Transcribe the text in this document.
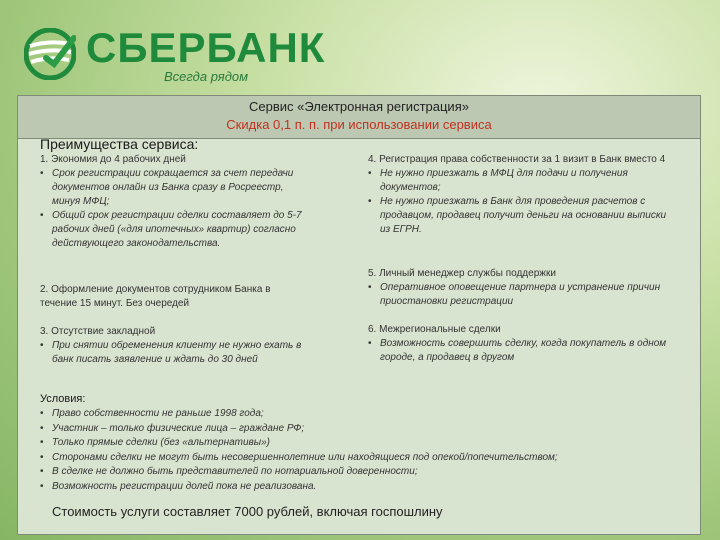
СБЕРБАНК
Всегда рядом
Сервис «Электронная регистрация»
Скидка 0,1 п. п. при использовании сервиса
Преимущества сервиса:
1. Экономия до 4 рабочих дней
• Срок регистрации сокращается за счет передачи документов онлайн из Банка сразу в Росреестр, минуя МФЦ;
• Общий срок регистрации сделки составляет до 5-7 рабочих дней («для ипотечных» квартир) согласно действующего законодательства.
2. Оформление документов сотрудником Банка в течение 15 минут. Без очередей
3. Отсутствие закладной
• При снятии обременения клиенту не нужно ехать в банк писать заявление и ждать до 30 дней
4. Регистрация права собственности за 1 визит в Банк вместо 4
• Не нужно приезжать в МФЦ для подачи и получения документов;
• Не нужно приезжать в Банк для проведения расчетов с продавцом, продавец получит деньги на основании выписки из ЕГРН.
5. Личный менеджер службы поддержки
• Оперативное оповещение партнера и устранение причин приостановки регистрации
6. Межрегиональные сделки
• Возможность совершить сделку, когда покупатель в одном городе, а продавец в другом
Условия:
• Право собственности не раньше 1998 года;
• Участник – только физические лица – граждане РФ;
• Только прямые сделки (без «альтернативы»)
• Сторонами сделки не могут быть несовершеннолетние или находящиеся под опекой/попечительством;
• В сделке не должно быть представителей по нотариальной доверенности;
• Возможность регистрации долей пока не реализована.
Стоимость услуги составляет 7000 рублей, включая госпошлину
